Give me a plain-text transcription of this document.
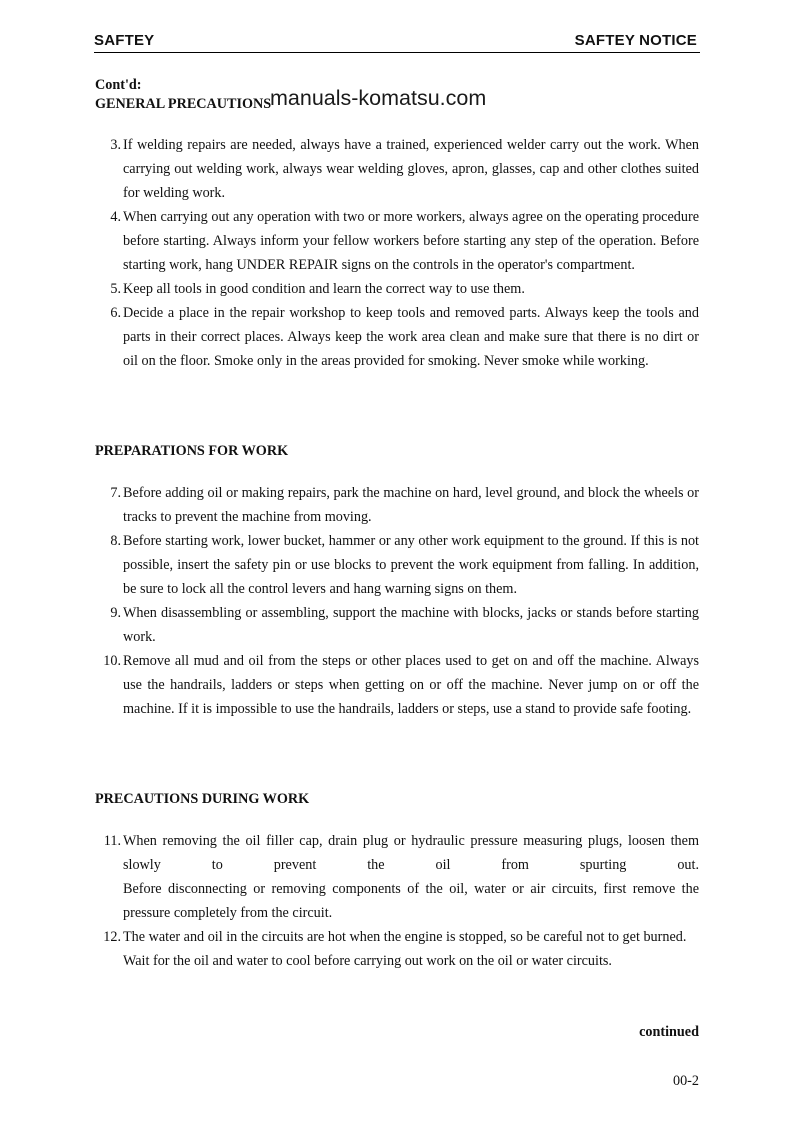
SAFTEY	SAFTEY NOTICE
Cont'd:
GENERAL PRECAUTIONS
manuals-komatsu.com
3. If welding repairs are needed, always have a trained, experienced welder carry out the work. When carrying out welding work, always wear welding gloves, apron, glasses, cap and other clothes suited for welding work.
4. When carrying out any operation with two or more workers, always agree on the operating procedure before starting. Always inform your fellow workers before starting any step of the operation. Before starting work, hang UNDER REPAIR signs on the controls in the operator's compartment.
5. Keep all tools in good condition and learn the correct way to use them.
6. Decide a place in the repair workshop to keep tools and removed parts. Always keep the tools and parts in their correct places. Always keep the work area clean and make sure that there is no dirt or oil on the floor. Smoke only in the areas provided for smoking. Never smoke while working.
PREPARATIONS FOR WORK
7. Before adding oil or making repairs, park the machine on hard, level ground, and block the wheels or tracks to prevent the machine from moving.
8. Before starting work, lower bucket, hammer or any other work equipment to the ground. If this is not possible, insert the safety pin or use blocks to prevent the work equipment from falling. In addition, be sure to lock all the control levers and hang warning signs on them.
9. When disassembling or assembling, support the machine with blocks, jacks or stands before starting work.
10. Remove all mud and oil from the steps or other places used to get on and off the machine. Always use the handrails, ladders or steps when getting on or off the machine. Never jump on or off the machine. If it is impossible to use the handrails, ladders or steps, use a stand to provide safe footing.
PRECAUTIONS DURING WORK
11. When removing the oil filler cap, drain plug or hydraulic pressure measuring plugs, loosen them slowly to prevent the oil from spurting out.
Before disconnecting or removing components of the oil, water or air circuits, first remove the pressure completely from the circuit.
12. The water and oil in the circuits are hot when the engine is stopped, so be careful not to get burned.
Wait for the oil and water to cool before carrying out work on the oil or water circuits.
continued
00-2
